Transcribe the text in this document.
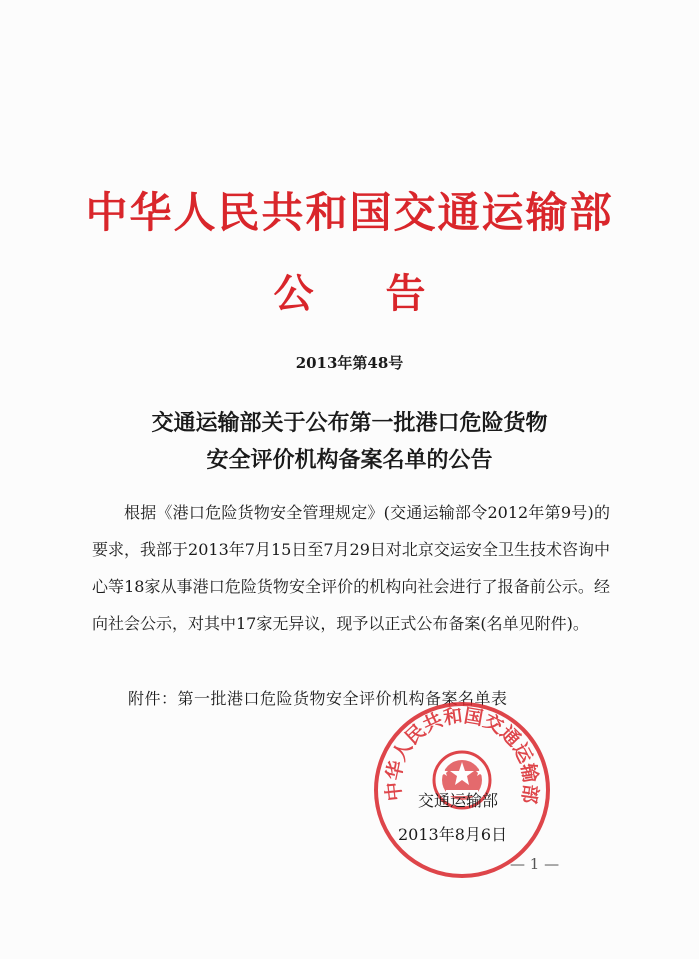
中华人民共和国交通运输部
公告
2013年第48号
交通运输部关于公布第一批港口危险货物
安全评价机构备案名单的公告
根据《港口危险货物安全管理规定》(交通运输部令2012年第9号)的要求，我部于2013年7月15日至7月29日对北京交运安全卫生技术咨询中心等18家从事港口危险货物安全评价的机构向社会进行了报备前公示。经向社会公示，对其中17家无异议，现予以正式公布备案(名单见附件)。
附件：第一批港口危险货物安全评价机构备案名单表
中华人民共和国交通运输部
交通运输部
2013年8月6日
— 1 —
